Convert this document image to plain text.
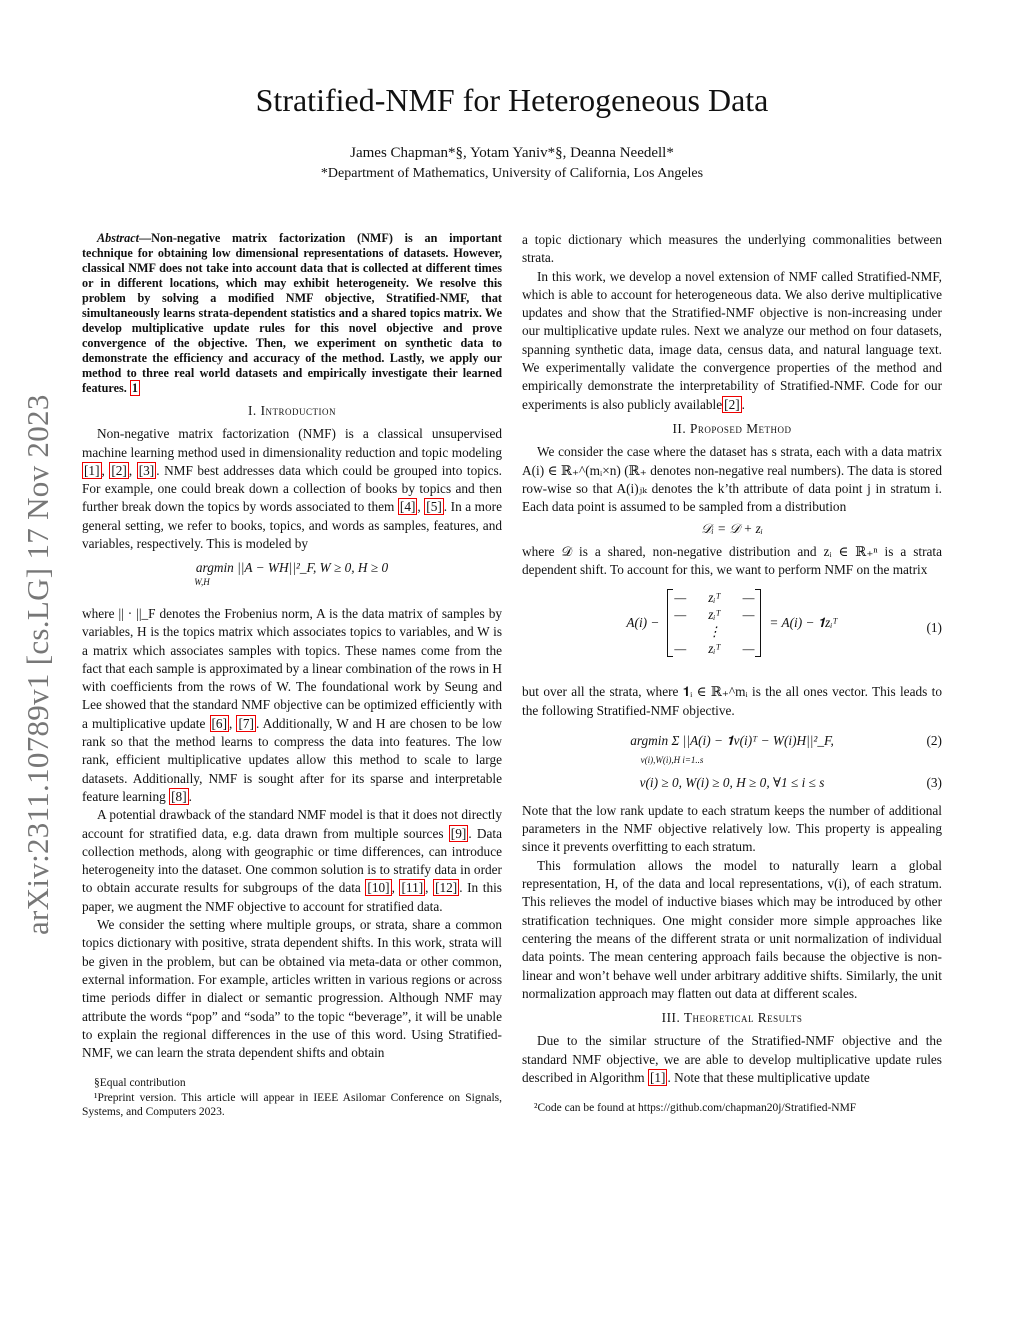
arXiv:2311.10789v1 [cs.LG] 17 Nov 2023
Stratified-NMF for Heterogeneous Data
James Chapman*§, Yotam Yaniv*§, Deanna Needell*
*Department of Mathematics, University of California, Los Angeles
Abstract—Non-negative matrix factorization (NMF) is an important technique for obtaining low dimensional representations of datasets. However, classical NMF does not take into account data that is collected at different times or in different locations, which may exhibit heterogeneity. We resolve this problem by solving a modified NMF objective, Stratified-NMF, that simultaneously learns strata-dependent statistics and a shared topics matrix. We develop multiplicative update rules for this novel objective and prove convergence of the objective. Then, we experiment on synthetic data to demonstrate the efficiency and accuracy of the method. Lastly, we apply our method to three real world datasets and empirically investigate their learned features. 1
I. Introduction

Non-negative matrix factorization (NMF) is a classical unsupervised machine learning method used in dimensionality reduction and topic modeling [1] , [2] , [3] . NMF best addresses data which could be grouped into topics. For example, one could break down a collection of books by topics and then further break down the topics by words associated to them [4] , [5] . In a more general setting, we refer to books, topics, and words as samples, features, and variables, respectively. This is modeled by

argmin ||A − WH||²_F, W ≥ 0, H ≥ 0
$^{W,H}$

where || · ||_F denotes the Frobenius norm, A is the data matrix of samples by variables, H is the topics matrix which associates topics to variables, and W is a matrix which associates samples with topics. These names come from the fact that each sample is approximated by a linear combination of the rows in H with coefficients from the rows of W. The foundational work by Seung and Lee showed that the standard NMF objective can be optimized efficiently with a multiplicative update [6] , [7] . Additionally, W and H are chosen to be low rank so that the method learns to compress the data into features. The low rank, efficient multiplicative updates allow this method to scale to large datasets. Additionally, NMF is sought after for its sparse and interpretable feature learning [8] .

A potential drawback of the standard NMF model is that it does not directly account for stratified data, e.g. data drawn from multiple sources [9] . Data collection methods, along with geographic or time differences, can introduce heterogeneity into the dataset. One common solution is to stratify data in order to obtain accurate results for subgroups of the data [10] , [11] , [12] . In this paper, we augment the NMF objective to account for stratified data.

We consider the setting where multiple groups, or strata, share a common topics dictionary with positive, strata dependent shifts. In this work, strata will be given in the problem, but can be obtained via meta-data or other common, external information. For example, articles written in various regions or across time periods differ in dialect or semantic progression. Although NMF may attribute the words “pop” and “soda” to the topic “beverage”, it will be unable to explain the regional differences in the use of this word. Using Stratified-NMF, we can learn the strata dependent shifts and obtain

§Equal contribution
¹Preprint version. This article will appear in IEEE Asilomar Conference on Signals, Systems, and Computers 2023.

a topic dictionary which measures the underlying commonalities between strata.

In this work, we develop a novel extension of NMF called Stratified-NMF, which is able to account for heterogeneous data. We also derive multiplicative updates and show that the Stratified-NMF objective is non-increasing under our multiplicative update rules. Next we analyze our method on four datasets, spanning synthetic data, image data, census data, and natural language text. We experimentally validate the convergence properties of the method and empirically demonstrate the interpretability of Stratified-NMF. Code for our experiments is also publicly available [2] .

II. Proposed Method

We consider the case where the dataset has s strata, each with a data matrix A(i) ∈ ℝ₊^(mᵢ×n) (ℝ₊ denotes non-negative real numbers). The data is stored row-wise so that A(i)ⱼₖ denotes the k’th attribute of data point j in stratum i. Each data point is assumed to be sampled from a distribution

𝒟ᵢ = 𝒟 + zᵢ

where 𝒟 is a shared, non-negative distribution and zᵢ ∈ ℝ₊ⁿ is a strata dependent shift. To account for this, we want to perform NMF on the matrix

A(i) −
— zᵢᵀ —
— zᵢᵀ —
⋮
— zᵢᵀ —
= A(i) − 𝟏zᵢᵀ	(1)

but over all the strata, where 𝟏ᵢ ∈ ℝ₊^mᵢ is the all ones vector. This leads to the following Stratified-NMF objective.

argmin Σ ||A(i) − 𝟏v(i)ᵀ − W(i)H||²_F,
v(i),W(i),H i=1..s
(2)
v(i) ≥ 0, W(i) ≥ 0, H ≥ 0, ∀1 ≤ i ≤ s	(3)

Note that the low rank update to each stratum keeps the number of additional parameters in the NMF objective relatively low. This property is appealing since it prevents overfitting to each stratum.

This formulation allows the model to naturally learn a global representation, H, of the data and local representations, v(i), of each stratum. This relieves the model of inductive biases which may be introduced by other stratification techniques. One might consider more simple approaches like centering the means of the different strata or unit normalization of individual data points. The mean centering approach fails because the objective is non-linear and won’t behave well under arbitrary additive shifts. Similarly, the unit normalization approach may flatten out data at different scales.

III. Theoretical Results

Due to the similar structure of the Stratified-NMF objective and the standard NMF objective, we are able to develop multiplicative update rules described in Algorithm [1] . Note that these multiplicative update

²Code can be found at https://github.com/chapman20j/Stratified-NMF
